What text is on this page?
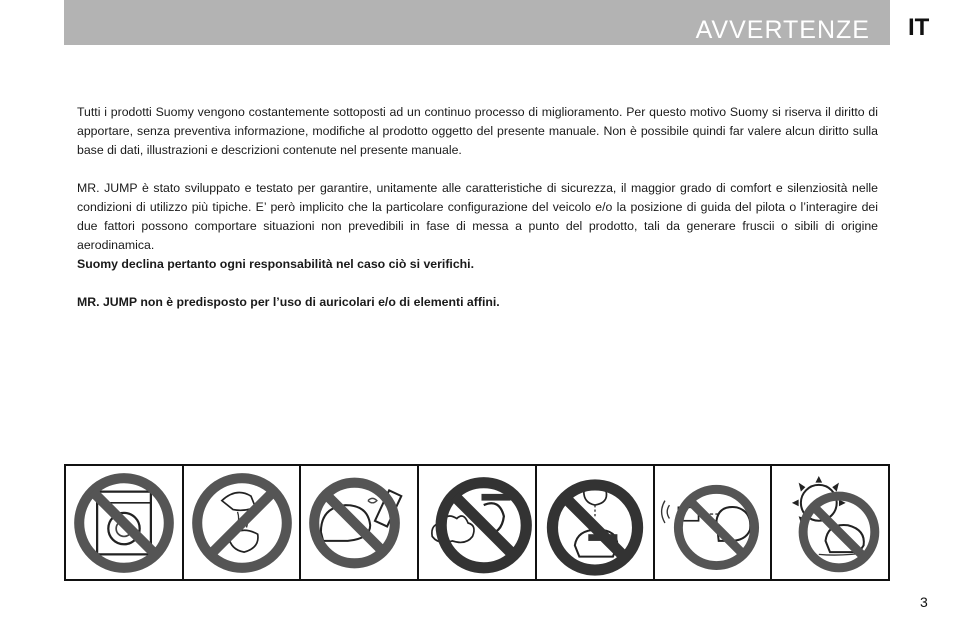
AVVERTENZE IT

Tutti i prodotti Suomy vengono costantemente sottoposti ad un continuo processo di miglioramento. Per questo motivo Suomy si riserva il diritto di apportare, senza preventiva informazione, modifiche al prodotto oggetto del presente manuale. Non è possibile quindi far valere alcun diritto sulla base di dati, illustrazioni e descrizioni contenute nel presente manuale.

MR. JUMP è stato sviluppato e testato per garantire, unitamente alle caratteristiche di sicurezza, il maggior grado di comfort e silenziosità nelle condizioni di utilizzo più tipiche. E’ però implicito che la particolare configurazione del veicolo e/o la posizione di guida del pilota o l’interagire dei due fattori possono comportare situazioni non prevedibili in fase di messa a punto del prodotto, tali da generare fruscii o sibili di origine aerodinamica.

Suomy declina pertanto ogni responsabilità nel caso ciò si verifichi.

MR. JUMP non è predisposto per l’uso di auricolari e/o di elementi affini.

3
